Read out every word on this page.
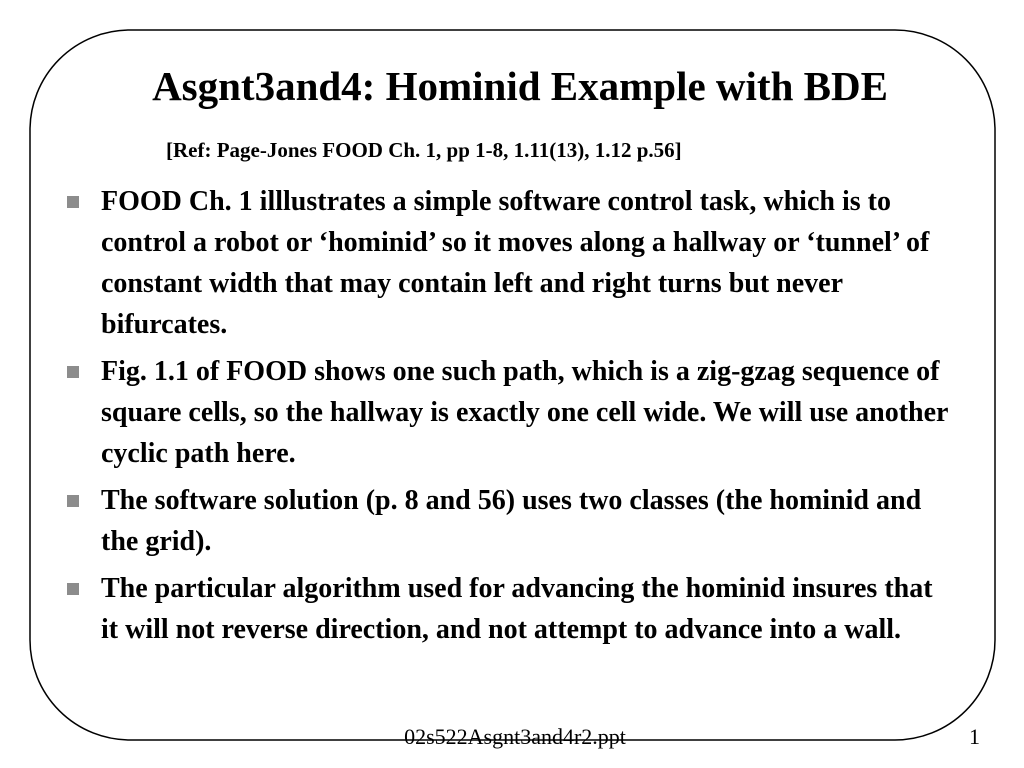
Asgnt3and4: Hominid Example with BDE
[Ref: Page-Jones FOOD Ch. 1, pp 1-8, 1.11(13), 1.12 p.56]
FOOD Ch. 1 illlustrates a simple software control task, which is to control a robot or ‘hominid’ so it moves along a hallway or ‘tunnel’ of constant width that may contain left and right turns but never bifurcates.
Fig. 1.1 of FOOD shows one such path, which is a zig-gzag sequence of square cells, so the hallway is exactly one cell wide. We will use another cyclic path here.
The software solution (p. 8 and 56) uses two classes (the hominid and the grid).
The particular algorithm used for advancing the hominid insures that it will not reverse direction, and not attempt to advance into a wall.
02s522Asgnt3and4r2.ppt	1
